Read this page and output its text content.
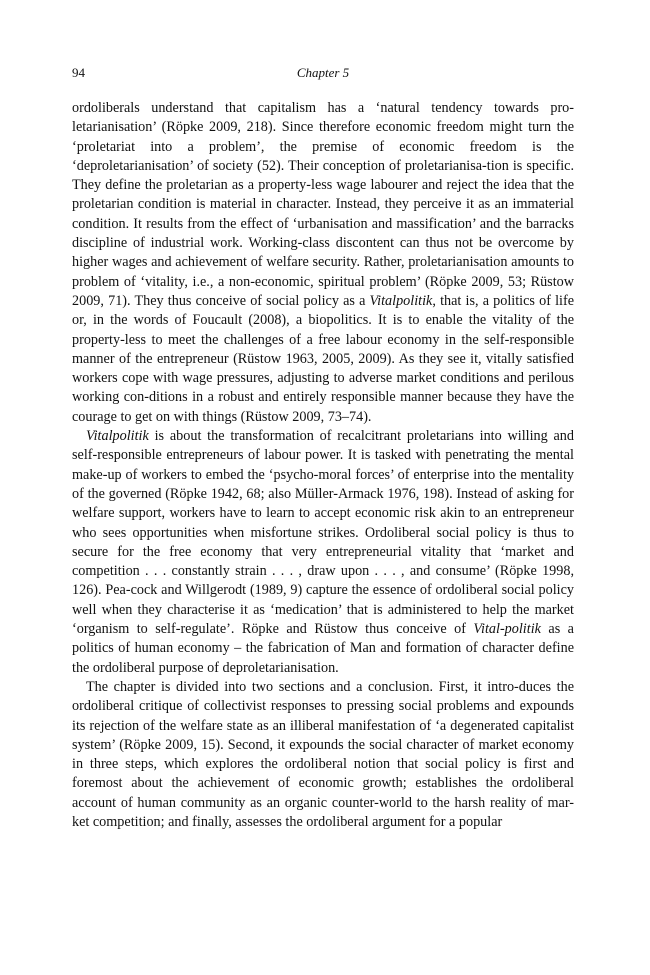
94	Chapter 5

ordoliberals understand that capitalism has a ‘natural tendency towards pro-letarianisation’ (Röpke 2009, 218). Since therefore economic freedom might turn the ‘proletariat into a problem’, the premise of economic freedom is the ‘deproletarianisation’ of society (52). Their conception of proletarianisa-tion is specific. They define the proletarian as a property-less wage labourer and reject the idea that the proletarian condition is material in character. Instead, they perceive it as an immaterial condition. It results from the effect of ‘urbanisation and massification’ and the barracks discipline of industrial work. Working-class discontent can thus not be overcome by higher wages and achievement of welfare security. Rather, proletarianisation amounts to problem of ‘vitality, i.e., a non-economic, spiritual problem’ (Röpke 2009, 53; Rüstow 2009, 71). They thus conceive of social policy as a Vitalpolitik, that is, a politics of life or, in the words of Foucault (2008), a biopolitics. It is to enable the vitality of the property-less to meet the challenges of a free labour economy in the self-responsible manner of the entrepreneur (Rüstow 1963, 2005, 2009). As they see it, vitally satisfied workers cope with wage pressures, adjusting to adverse market conditions and perilous working con-ditions in a robust and entirely responsible manner because they have the courage to get on with things (Rüstow 2009, 73–74).

Vitalpolitik is about the transformation of recalcitrant proletarians into willing and self-responsible entrepreneurs of labour power. It is tasked with penetrating the mental make-up of workers to embed the ‘psycho-moral forces’ of enterprise into the mentality of the governed (Röpke 1942, 68; also Müller-Armack 1976, 198). Instead of asking for welfare support, workers have to learn to accept economic risk akin to an entrepreneur who sees opportunities when misfortune strikes. Ordoliberal social policy is thus to secure for the free economy that very entrepreneurial vitality that ‘market and competition . . . constantly strain . . . , draw upon . . . , and consume’ (Röpke 1998, 126). Pea-cock and Willgerodt (1989, 9) capture the essence of ordoliberal social policy well when they characterise it as ‘medication’ that is administered to help the market ‘organism to self-regulate’. Röpke and Rüstow thus conceive of Vital-politik as a politics of human economy – the fabrication of Man and formation of character define the ordoliberal purpose of deproletarianisation.

The chapter is divided into two sections and a conclusion. First, it intro-duces the ordoliberal critique of collectivist responses to pressing social problems and expounds its rejection of the welfare state as an illiberal manifestation of ‘a degenerated capitalist system’ (Röpke 2009, 15). Second, it expounds the social character of market economy in three steps, which explores the ordoliberal notion that social policy is first and foremost about the achievement of economic growth; establishes the ordoliberal account of human community as an organic counter-world to the harsh reality of mar-ket competition; and finally, assesses the ordoliberal argument for a popular
